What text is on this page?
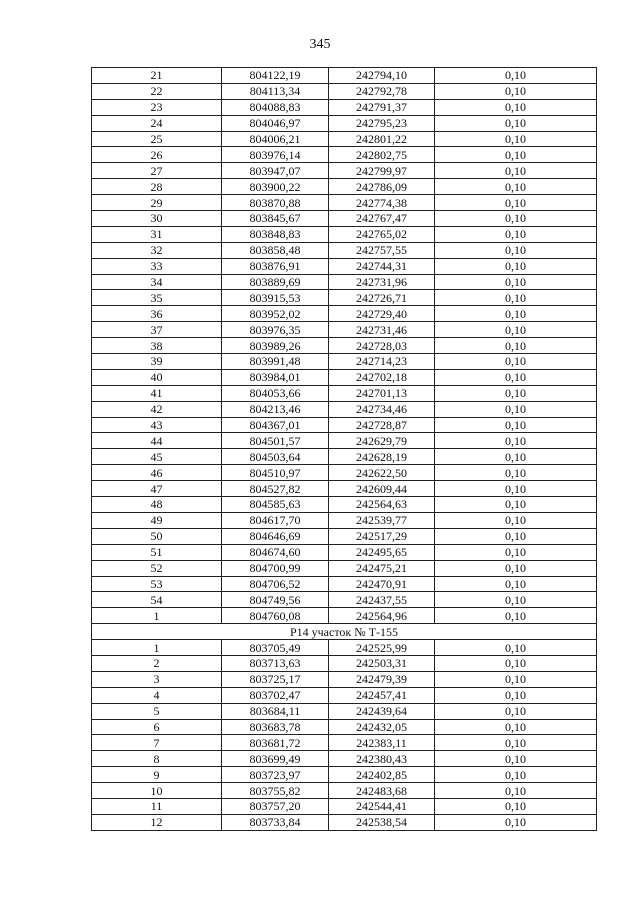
345
21	804122,19	242794,10	0,10
22	804113,34	242792,78	0,10
23	804088,83	242791,37	0,10
24	804046,97	242795,23	0,10
25	804006,21	242801,22	0,10
26	803976,14	242802,75	0,10
27	803947,07	242799,97	0,10
28	803900,22	242786,09	0,10
29	803870,88	242774,38	0,10
30	803845,67	242767,47	0,10
31	803848,83	242765,02	0,10
32	803858,48	242757,55	0,10
33	803876,91	242744,31	0,10
34	803889,69	242731,96	0,10
35	803915,53	242726,71	0,10
36	803952,02	242729,40	0,10
37	803976,35	242731,46	0,10
38	803989,26	242728,03	0,10
39	803991,48	242714,23	0,10
40	803984,01	242702,18	0,10
41	804053,66	242701,13	0,10
42	804213,46	242734,46	0,10
43	804367,01	242728,87	0,10
44	804501,57	242629,79	0,10
45	804503,64	242628,19	0,10
46	804510,97	242622,50	0,10
47	804527,82	242609,44	0,10
48	804585,63	242564,63	0,10
49	804617,70	242539,77	0,10
50	804646,69	242517,29	0,10
51	804674,60	242495,65	0,10
52	804700,99	242475,21	0,10
53	804706,52	242470,91	0,10
54	804749,56	242437,55	0,10
1	804760,08	242564,96	0,10
P14 участок № Т-155			
1	803705,49	242525,99	0,10
2	803713,63	242503,31	0,10
3	803725,17	242479,39	0,10
4	803702,47	242457,41	0,10
5	803684,11	242439,64	0,10
6	803683,78	242432,05	0,10
7	803681,72	242383,11	0,10
8	803699,49	242380,43	0,10
9	803723,97	242402,85	0,10
10	803755,82	242483,68	0,10
11	803757,20	242544,41	0,10
12	803733,84	242538,54	0,10
